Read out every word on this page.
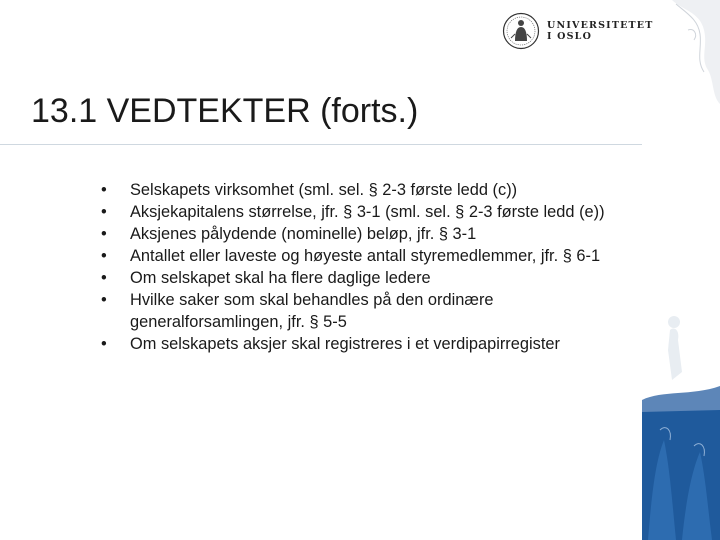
UNIVERSITETET
I OSLO
13.1 VEDTEKTER (forts.)
• Selskapets virksomhet (sml. sel. § 2-3 første ledd (c))
• Aksjekapitalens størrelse, jfr. § 3-1 (sml. sel. § 2-3 første ledd (e))
• Aksjenes pålydende (nominelle) beløp, jfr. § 3-1
• Antallet eller laveste og høyeste antall styremedlemmer, jfr. § 6-1
• Om selskapet skal ha flere daglige ledere
• Hvilke saker som skal behandles på den ordinære generalforsamlingen, jfr. § 5-5
• Om selskapets aksjer skal registreres i et verdipapirregister
